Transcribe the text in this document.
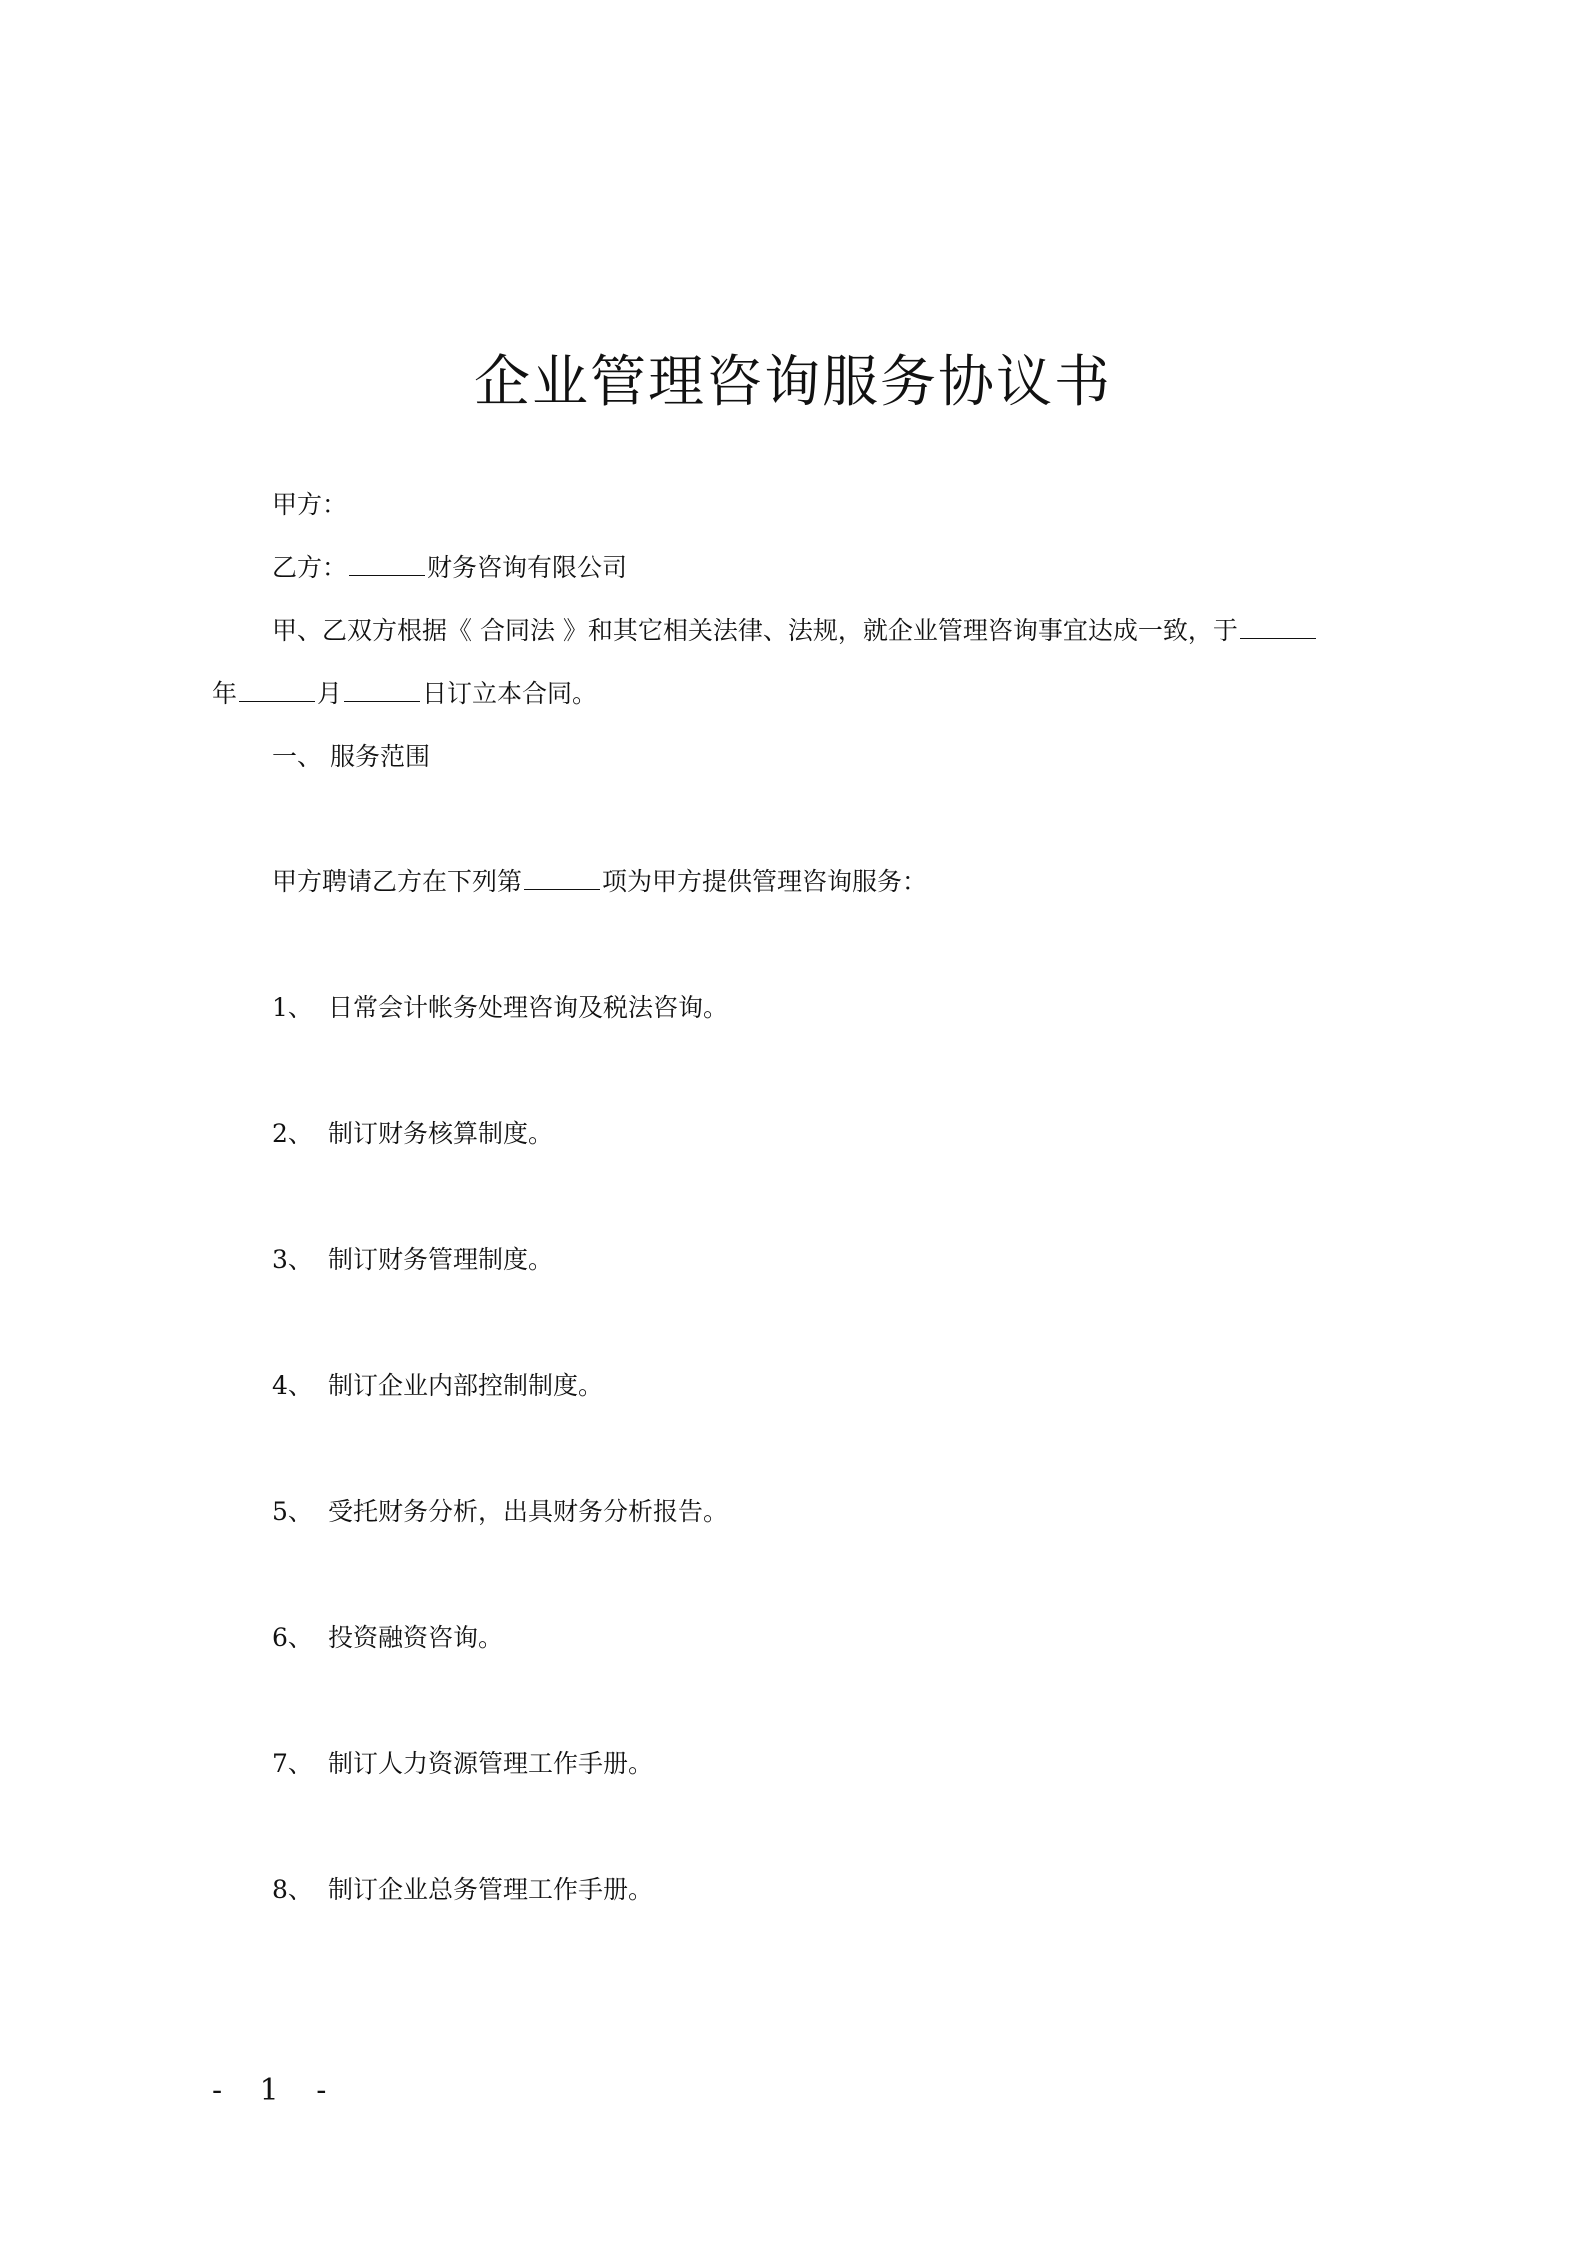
企业管理咨询服务协议书
甲方：
乙方：	财务咨询有限公司
甲、乙双方根据《 合同法 》和其它相关法律、法规，就企业管理咨询事宜达成一致，于
年	月	日订立本合同。
一、 服务范围
甲方聘请乙方在下列第	项为甲方提供管理咨询服务：
1、 日常会计帐务处理咨询及税法咨询。
2、 制订财务核算制度。
3、 制订财务管理制度。
4、 制订企业内部控制制度。
5、 受托财务分析，出具财务分析报告。
6、 投资融资咨询。
7、 制订人力资源管理工作手册。
8、 制订企业总务管理工作手册。
- 1 -
